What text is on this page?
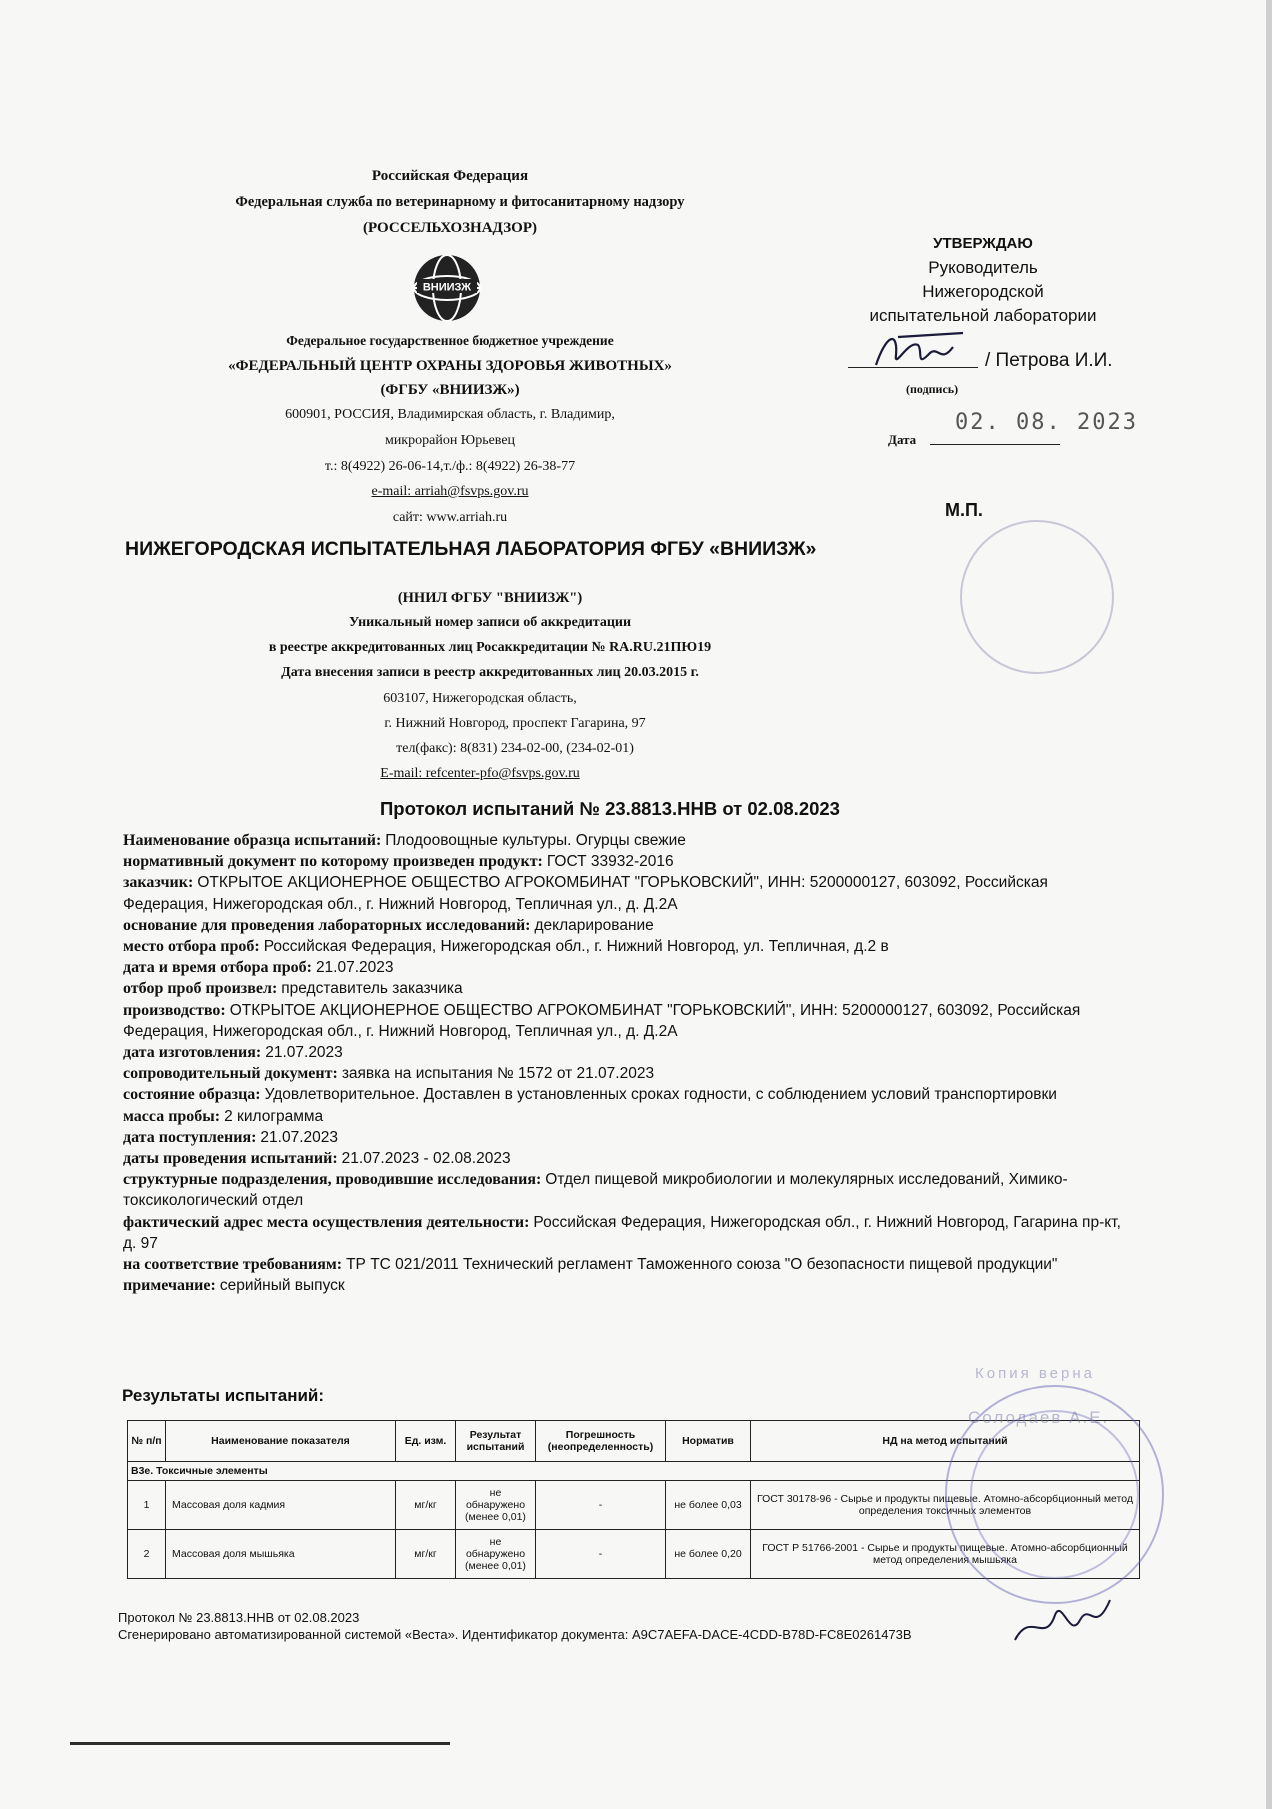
Российская Федерация
Федеральная служба по ветеринарному и фитосанитарному надзору
(РОССЕЛЬХОЗНАДЗОР)
ВНИИЗЖ
Федеральное государственное бюджетное учреждение
«ФЕДЕРАЛЬНЫЙ ЦЕНТР ОХРАНЫ ЗДОРОВЬЯ ЖИВОТНЫХ»
(ФГБУ «ВНИИЗЖ»)
600901, РОССИЯ, Владимирская область, г. Владимир,
микрорайон Юрьевец
т.: 8(4922) 26-06-14,т./ф.: 8(4922) 26-38-77
e-mail: arriah@fsvps.gov.ru
сайт: www.arriah.ru
УТВЕРЖДАЮ
Руководитель
Нижегородской
испытательной лаборатории
/ Петрова И.И.
(подпись)
02. 08. 2023
Дата
М.П.
НИЖЕГОРОДСКАЯ ИСПЫТАТЕЛЬНАЯ ЛАБОРАТОРИЯ ФГБУ «ВНИИЗЖ»
(ННИЛ ФГБУ "ВНИИЗЖ")
Уникальный номер записи об аккредитации
в реестре аккредитованных лиц Росаккредитации № RA.RU.21ПЮ19
Дата внесения записи в реестр аккредитованных лиц 20.03.2015 г.
603107, Нижегородская область,
г. Нижний Новгород, проспект Гагарина, 97
тел(факс): 8(831) 234-02-00, (234-02-01)
E-mail: refcenter-pfo@fsvps.gov.ru
Протокол испытаний № 23.8813.ННВ от 02.08.2023

Наименование образца испытаний: Плодоовощные культуры. Огурцы свежие

нормативный документ по которому произведен продукт: ГОСТ 33932-2016

заказчик: ОТКРЫТОЕ АКЦИОНЕРНОЕ ОБЩЕСТВО АГРОКОМБИНАТ "ГОРЬКОВСКИЙ", ИНН: 5200000127, 603092, Российская Федерация, Нижегородская обл., г. Нижний Новгород, Тепличная ул., д. Д.2А

основание для проведения лабораторных исследований: декларирование

место отбора проб: Российская Федерация, Нижегородская обл., г. Нижний Новгород, ул. Тепличная, д.2 в

дата и время отбора проб: 21.07.2023

отбор проб произвел: представитель заказчика

производство: ОТКРЫТОЕ АКЦИОНЕРНОЕ ОБЩЕСТВО АГРОКОМБИНАТ "ГОРЬКОВСКИЙ", ИНН: 5200000127, 603092, Российская Федерация, Нижегородская обл., г. Нижний Новгород, Тепличная ул., д. Д.2А

дата изготовления: 21.07.2023

сопроводительный документ: заявка на испытания № 1572 от 21.07.2023

состояние образца: Удовлетворительное. Доставлен в установленных сроках годности, с соблюдением условий транспортировки

масса пробы: 2 килограмма

дата поступления: 21.07.2023

даты проведения испытаний: 21.07.2023 - 02.08.2023

структурные подразделения, проводившие исследования: Отдел пищевой микробиологии и молекулярных исследований, Химико-токсикологический отдел

фактический адрес места осуществления деятельности: Российская Федерация, Нижегородская обл., г. Нижний Новгород, Гагарина пр-кт, д. 97

на соответствие требованиям: ТР ТС 021/2011 Технический регламент Таможенного союза "О безопасности пищевой продукции"

примечание: серийный выпуск

Результаты испытаний:
№ п/п	Наименование показателя	Ед. изм.	Результат испытаний	Погрешность (неопределенность)	Норматив	НД на метод испытаний
В3е. Токсичные элементы						
1	Массовая доля кадмия	мг/кг	не обнаружено (менее 0,01)	-	не более 0,03	ГОСТ 30178-96 - Сырье и продукты пищевые. Атомно-абсорбционный метод определения токсичных элементов
2	Массовая доля мышьяка	мг/кг	не обнаружено (менее 0,01)	-	не более 0,20	ГОСТ Р 51766-2001 - Сырье и продукты пищевые. Атомно-абсорбционный метод определения мышьяка
Копия верна
Солодаев А.Е.
Протокол № 23.8813.ННВ от 02.08.2023
Сгенерировано автоматизированной системой «Веста». Идентификатор документа: A9C7AEFA-DACE-4CDD-B78D-FC8E0261473B
